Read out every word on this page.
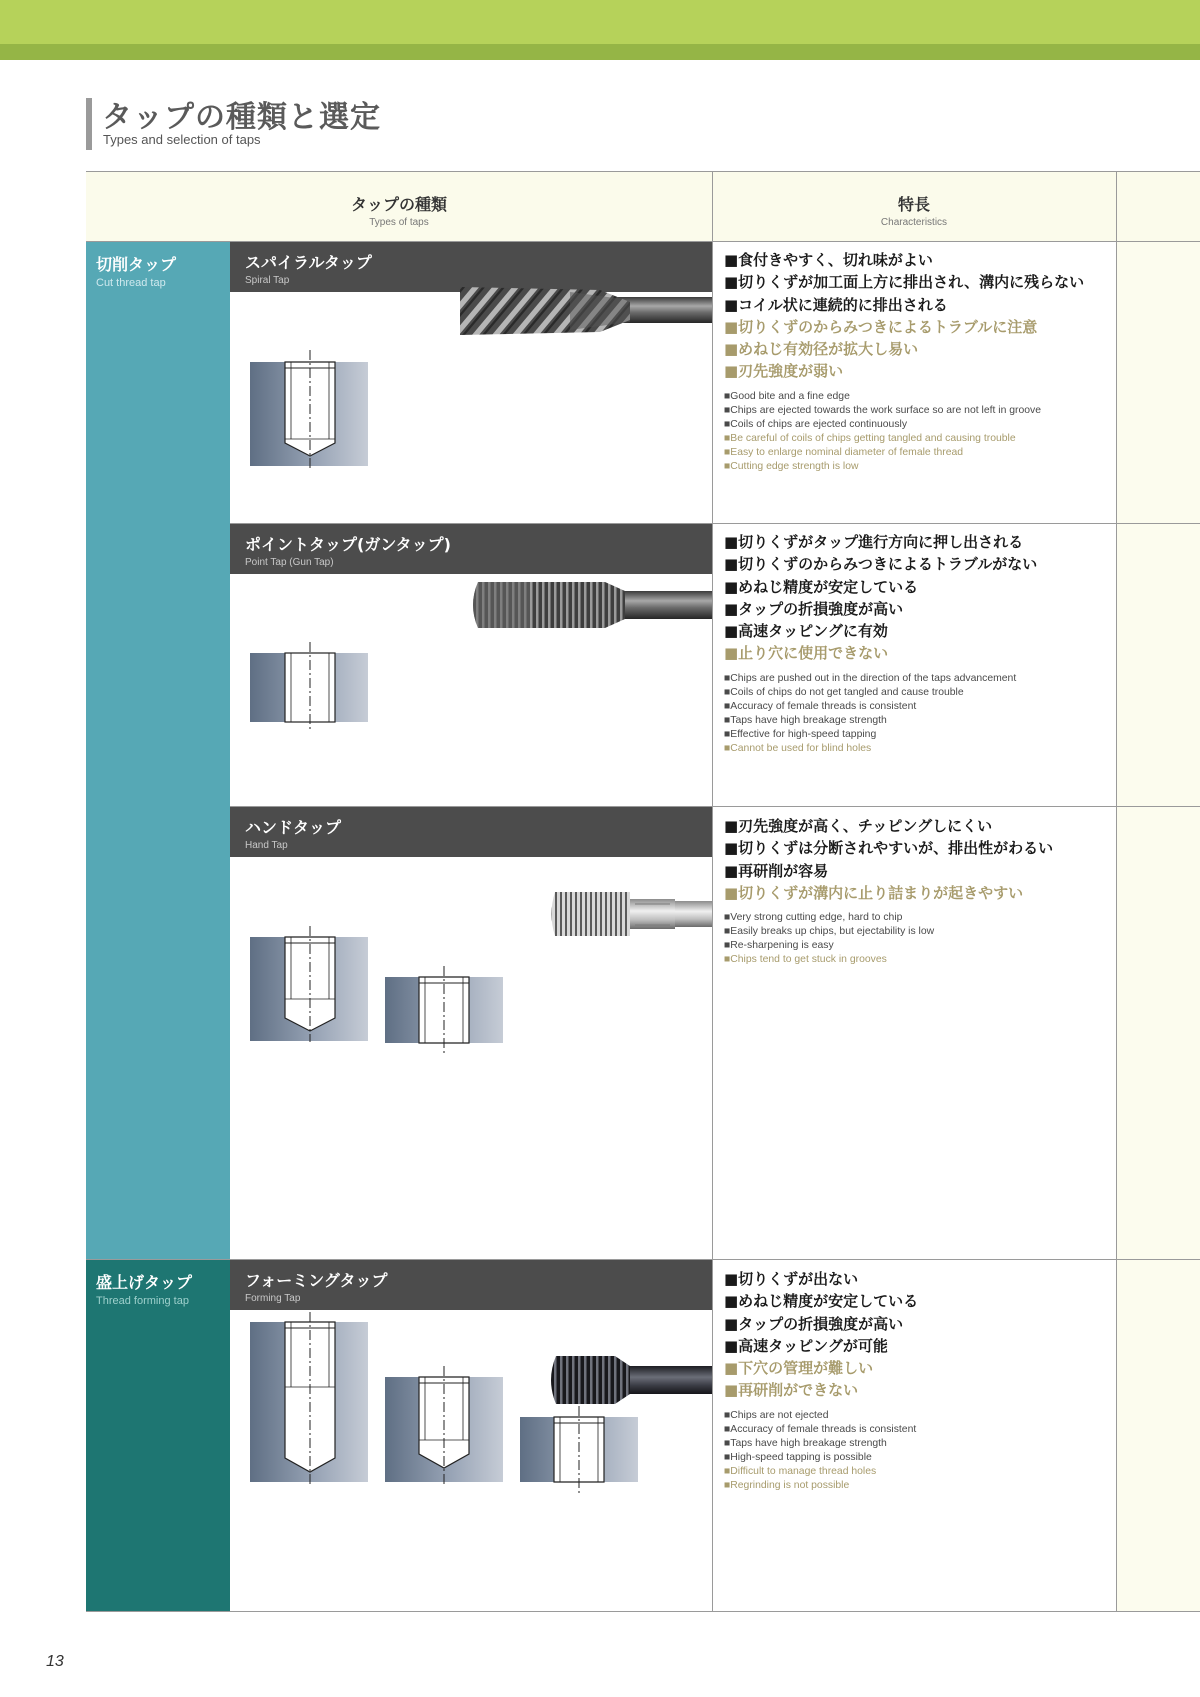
タップの種類と選定
Types and selection of taps
タップの種類
Types of taps
特長
Characteristics
切削タップ
Cut thread tap
盛上げタップ
Thread forming tap
スパイラルタップ
Spiral Tap
ポイントタップ(ガンタップ)
Point Tap (Gun Tap)
ハンドタップ
Hand Tap
フォーミングタップ
Forming Tap
■食付きやすく、切れ味がよい
■切りくずが加工面上方に排出され、溝内に残らない
■コイル状に連続的に排出される
■切りくずのからみつきによるトラブルに注意
■めねじ有効径が拡大し易い
■刃先強度が弱い
■Good bite and a fine edge
■Chips are ejected towards the work surface so are not left in groove
■Coils of chips are ejected continuously
■Be careful of coils of chips getting tangled and causing trouble
■Easy to enlarge nominal diameter of female thread
■Cutting edge strength is low
■切りくずがタップ進行方向に押し出される
■切りくずのからみつきによるトラブルがない
■めねじ精度が安定している
■タップの折損強度が高い
■高速タッピングに有効
■止り穴に使用できない
■Chips are pushed out in the direction of the taps advancement
■Coils of chips do not get tangled and cause trouble
■Accuracy of female threads is consistent
■Taps have high breakage strength
■Effective for high-speed tapping
■Cannot be used for blind holes
■刃先強度が高く、チッピングしにくい
■切りくずは分断されやすいが、排出性がわるい
■再研削が容易
■切りくずが溝内に止り詰まりが起きやすい
■Very strong cutting edge, hard to chip
■Easily breaks up chips, but ejectability is low
■Re-sharpening is easy
■Chips tend to get stuck in grooves
■切りくずが出ない
■めねじ精度が安定している
■タップの折損強度が高い
■高速タッピングが可能
■下穴の管理が難しい
■再研削ができない
■Chips are not ejected
■Accuracy of female threads is consistent
■Taps have high breakage strength
■High-speed tapping is possible
■Difficult to manage thread holes
■Regrinding is not possible
13
